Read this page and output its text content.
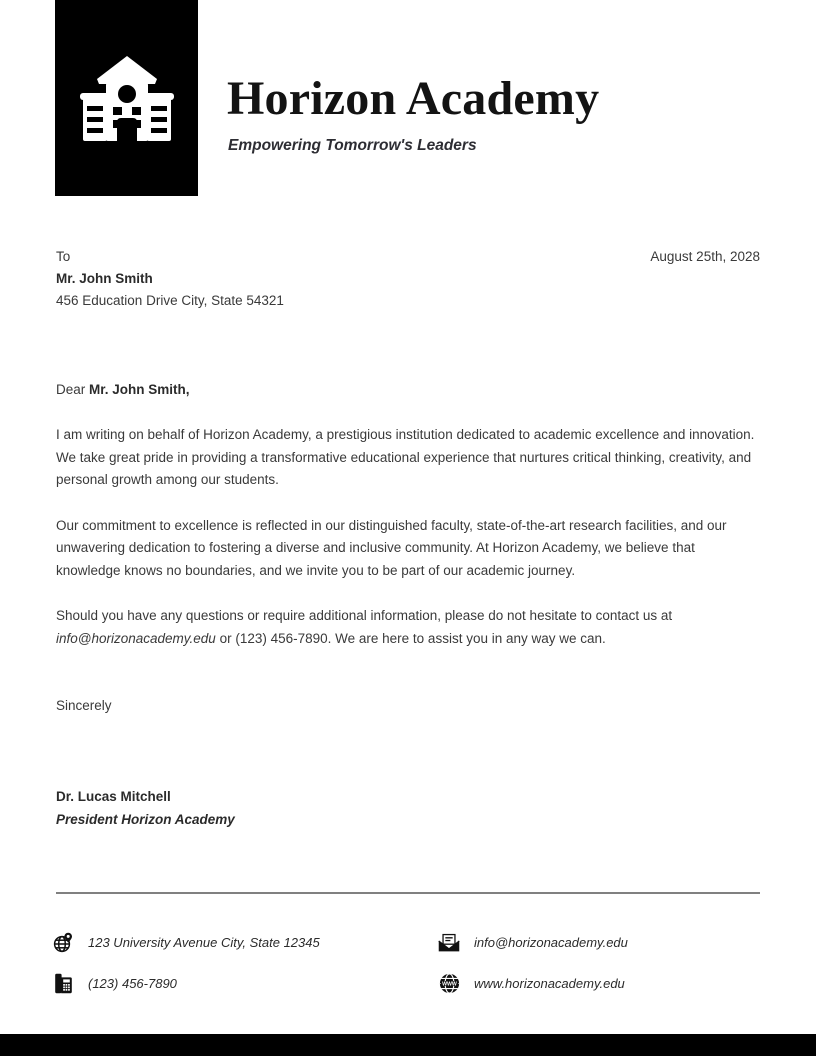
Horizon Academy
Empowering Tomorrow's Leaders
To	August 25th, 2028
Mr. John Smith
456 Education Drive City, State 54321

Dear Mr. John Smith,

I am writing on behalf of Horizon Academy, a prestigious institution dedicated to academic excellence and innovation. We take great pride in providing a transformative educational experience that nurtures critical thinking, creativity, and personal growth among our students.

Our commitment to excellence is reflected in our distinguished faculty, state-of-the-art research facilities, and our unwavering dedication to fostering a diverse and inclusive community. At Horizon Academy, we believe that knowledge knows no boundaries, and we invite you to be part of our academic journey.

Should you have any questions or require additional information, please do not hesitate to contact us at info@horizonacademy.edu or (123) 456-7890. We are here to assist you in any way we can.

Sincerely

Dr. Lucas Mitchell

President Horizon Academy

123 University Avenue City, State 12345	info@horizonacademy.edu
(123) 456-7890	WWW www.horizonacademy.edu
